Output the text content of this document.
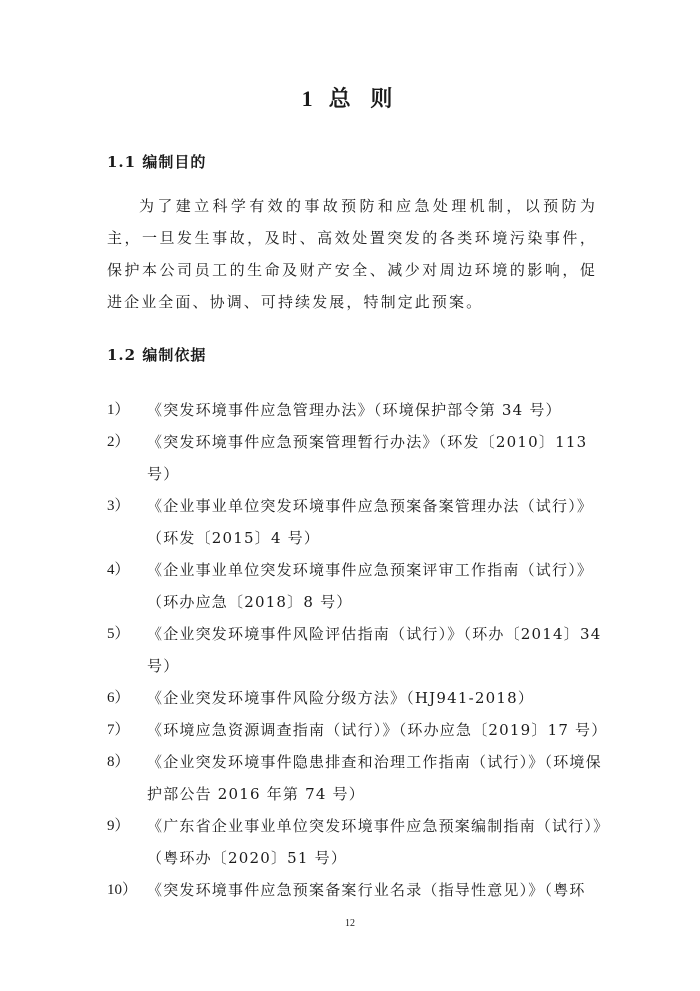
1 总 则
1.1 编制目的

为了建立科学有效的事故预防和应急处理机制，以预防为主，一旦发生事故，及时、高效处置突发的各类环境污染事件，保护本公司员工的生命及财产安全、减少对周边环境的影响，促进企业全面、协调、可持续发展，特制定此预案。

1.2 编制依据
1）	《突发环境事件应急管理办法》（环境保护部令第 34 号）
2）	《突发环境事件应急预案管理暂行办法》（环发〔2010〕113 号）
3）	《企业事业单位突发环境事件应急预案备案管理办法（试行）》（环发〔2015〕4 号）
4）	《企业事业单位突发环境事件应急预案评审工作指南（试行）》（环办应急〔2018〕8 号）
5）	《企业突发环境事件风险评估指南（试行）》（环办〔2014〕34 号）
6）	《企业突发环境事件风险分级方法》（HJ941-2018）
7）	《环境应急资源调查指南（试行）》（环办应急〔2019〕17 号）
8）	《企业突发环境事件隐患排查和治理工作指南（试行）》（环境保护部公告 2016 年第 74 号）
9）	《广东省企业事业单位突发环境事件应急预案编制指南（试行）》（粤环办〔2020〕51 号）
10） 《突发环境事件应急预案备案行业名录（指导性意见）》（粤环
12
